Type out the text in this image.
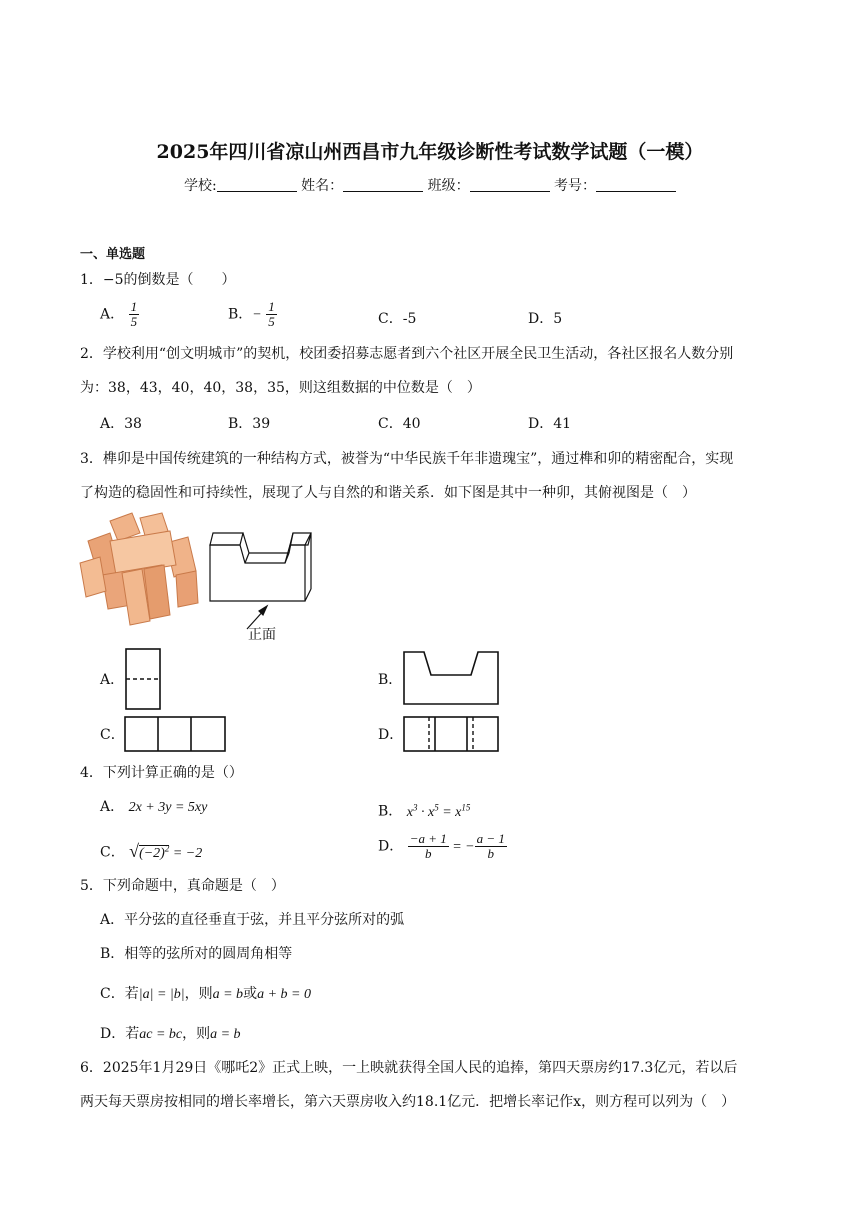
2025年四川省凉山州西昌市九年级诊断性考试数学试题（一模）
学校:	姓名：	班级：	考号：
一、单选题
1．−5的倒数是（　　）
A． $\frac{1}{5}$	B．− $\frac{1}{5}$	C．-5	D．5
2．学校利用“创文明城市”的契机，校团委招募志愿者到六个社区开展全民卫生活动，各社区报名人数分别
为：38，43，40，40，38，35，则这组数据的中位数是（　）
A．38	B．39	C．40	D．41
3．榫卯是中国传统建筑的一种结构方式，被誉为“中华民族千年非遗瑰宝”，通过榫和卯的精密配合，实现
了构造的稳固性和可持续性，展现了人与自然的和谐关系．如下图是其中一种卯，其俯视图是（　）
正面
A．	B．
C．	D．
4．下列计算正确的是（）
A． 2x + 3y = 5xy	B． $x^3 \cdot x^5 = x^{15}$
C． $√(-2)^2 = -2$	D． $\frac{-a + 1}{b}$ = − $\frac{a - 1}{b}$
5．下列命题中，真命题是（　）
A．平分弦的直径垂直于弦，并且平分弦所对的弧
B．相等的弦所对的圆周角相等
C．若|a| = |b|，则a = b或a + b = 0
D．若ac = bc，则a = b
6．2025年1月29日《哪吒2》正式上映，一上映就获得全国人民的追捧，第四天票房约17.3亿元，若以后
两天每天票房按相同的增长率增长，第六天票房收入约18.1亿元．把增长率记作x，则方程可以列为（　）
